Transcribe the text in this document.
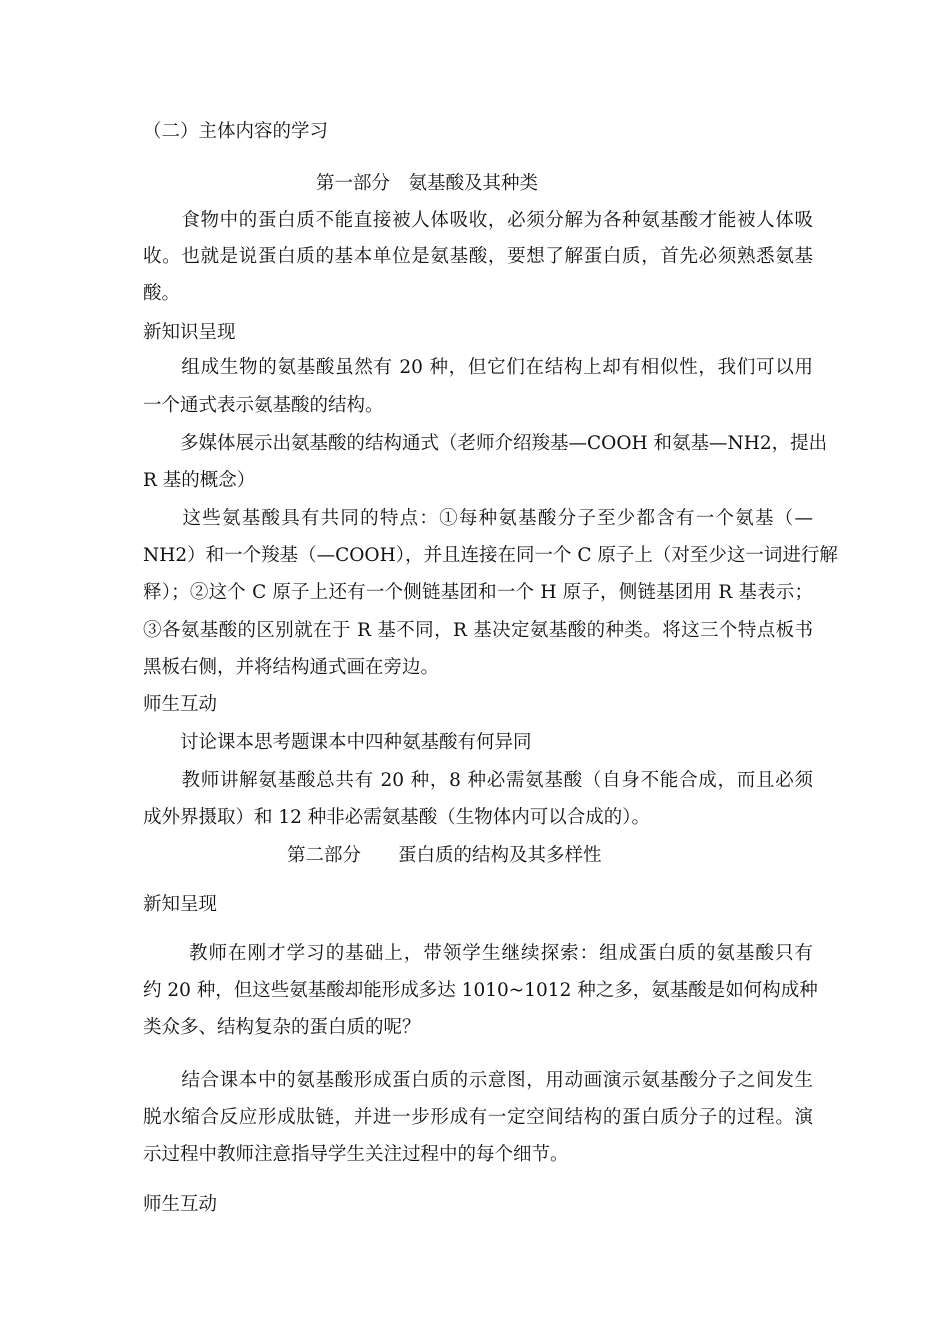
（二）主体内容的学习

第一部分　氨基酸及其种类

　　食物中的蛋白质不能直接被人体吸收，必须分解为各种氨基酸才能被人体吸

收。也就是说蛋白质的基本单位是氨基酸，要想了解蛋白质，首先必须熟悉氨基

酸。

新知识呈现

　　组成生物的氨基酸虽然有 20 种，但它们在结构上却有相似性，我们可以用

一个通式表示氨基酸的结构。

　　多媒体展示出氨基酸的结构通式（老师介绍羧基—COOH 和氨基—NH2，提出

R 基的概念）

　　这些氨基酸具有共同的特点：①每种氨基酸分子至少都含有一个氨基（—

NH2）和一个羧基（—COOH），并且连接在同一个 C 原子上（对至少这一词进行解

释）；②这个 C 原子上还有一个侧链基团和一个 H 原子，侧链基团用 R 基表示；

③各氨基酸的区别就在于 R 基不同，R 基决定氨基酸的种类。将这三个特点板书

黑板右侧，并将结构通式画在旁边。

师生互动

　　讨论课本思考题课本中四种氨基酸有何异同

　　教师讲解氨基酸总共有 20 种，8 种必需氨基酸（自身不能合成，而且必须

成外界摄取）和 12 种非必需氨基酸（生物体内可以合成的）。

第二部分　　蛋白质的结构及其多样性

新知呈现

　　 教师在刚才学习的基础上，带领学生继续探索：组成蛋白质的氨基酸只有

约 20 种，但这些氨基酸却能形成多达 1010~1012 种之多，氨基酸是如何构成种

类众多、结构复杂的蛋白质的呢？

　　结合课本中的氨基酸形成蛋白质的示意图，用动画演示氨基酸分子之间发生

脱水缩合反应形成肽链，并进一步形成有一定空间结构的蛋白质分子的过程。演

示过程中教师注意指导学生关注过程中的每个细节。

师生互动
